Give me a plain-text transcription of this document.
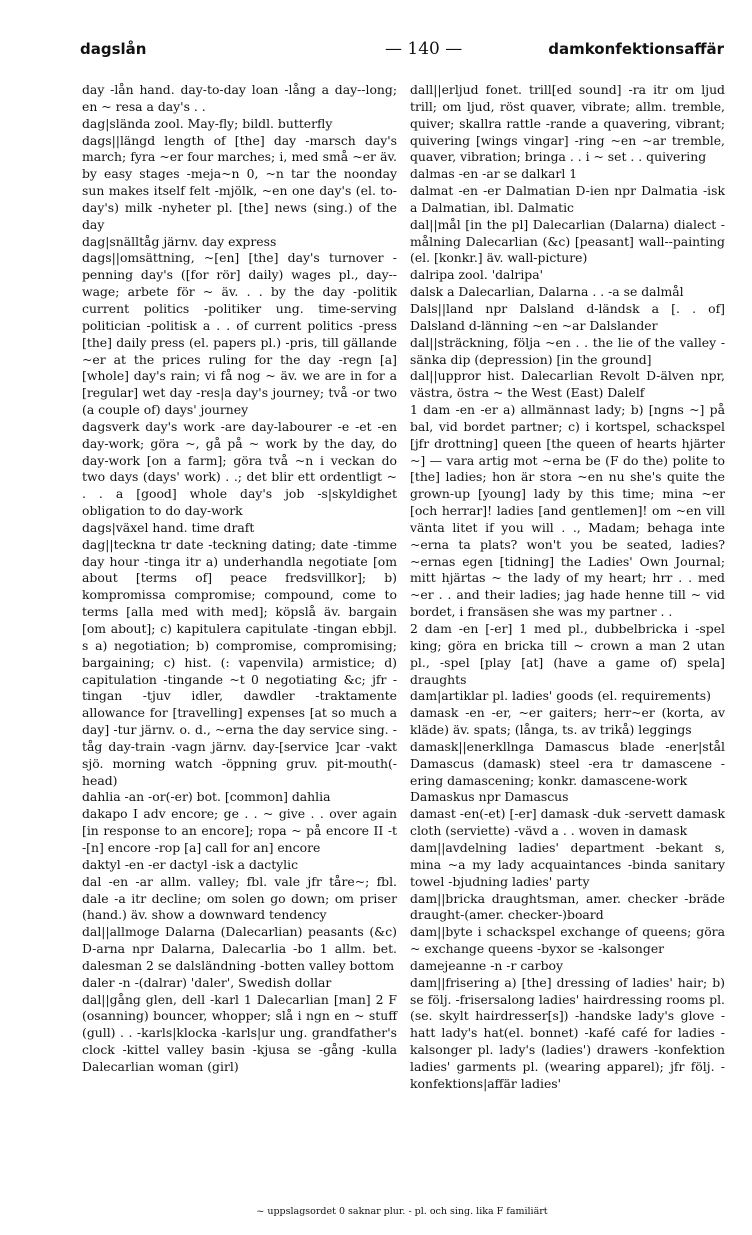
dagslån	— 140 —	damkonfektionsaffär

day -lån hand. day-to-day loan -lång a day--long; en ~ resa a day's . .

dag|slända zool. May-fly; bildl. butterfly

dags||längd length of [the] day -marsch day's march; fyra ~er four marches; i, med små ~er äv. by easy stages -meja~n 0, ~n tar the noonday sun makes itself felt -mjölk, ~en one day's (el. to-day's) milk -nyheter pl. [the] news (sing.) of the day

dag|snälltåg järnv. day express

dags||omsättning, ~[en] [the] day's turnover -penning day's ([for rör] daily) wages pl., day--wage; arbete för ~ äv. . . by the day -politik current politics -politiker ung. time-serving politician -politisk a . . of current politics -press [the] daily press (el. papers pl.) -pris, till gällande ~er at the prices ruling for the day -regn [a] [whole] day's rain; vi få nog ~ äv. we are in for a [regular] wet day -res|a day's journey; två -or two (a couple of) days' journey

dagsverk day's work -are day-labourer -e -et -en day-work; göra ~, gå på ~ work by the day, do day-work [on a farm]; göra två ~n i veckan do two days (days' work) . .; det blir ett ordentligt ~ . . a [good] whole day's job -s|skyldighet obligation to do day-work

dags|växel hand. time draft

dag||teckna tr date -teckning dating; date -timme day hour -tinga itr a) underhandla negotiate [om about [terms of] peace fredsvillkor]; b) kompromissa compromise; compound, come to terms [alla med with med]; köpslå äv. bargain [om about]; c) kapitulera capitulate -tingan ebbjl. s a) negotiation; b) compromise, compromising; bargaining; c) hist. (: vapenvila) armistice; d) capitulation -tingande ~t 0 negotiating &c; jfr -tingan -tjuv idler, dawdler -traktamente allowance for [travelling] expenses [at so much a day] -tur järnv. o. d., ~erna the day service sing. -tåg day-train -vagn järnv. day-[service ]car -vakt sjö. morning watch -öppning gruv. pit-mouth(-head)

dahlia -an -or(-er) bot. [common] dahlia

dakapo I adv encore; ge . . ~ give . . over again [in response to an encore]; ropa ~ på encore II -t -[n] encore -rop [a] call for an] encore

daktyl -en -er dactyl -isk a dactylic

dal -en -ar allm. valley; fbl. vale jfr tåre~; fbl. dale -a itr decline; om solen go down; om priser (hand.) äv. show a downward tendency

dal||allmoge Dalarna (Dalecarlian) peasants (&c) D-arna npr Dalarna, Dalecarlia -bo 1 allm. bet. dalesman 2 se dalsländning -botten valley bottom

daler -n -(dalrar) 'daler', Swedish dollar

dal||gång glen, dell -karl 1 Dalecarlian [man] 2 F (osanning) bouncer, whopper; slå i ngn en ~ stuff (gull) . . -karls|klocka -karls|ur ung. grandfather's clock -kittel valley basin -kjusa se -gång -kulla Dalecarlian woman (girl)

dall||erljud fonet. trill[ed sound] -ra itr om ljud trill; om ljud, röst quaver, vibrate; allm. tremble, quiver; skallra rattle -rande a quavering, vibrant; quivering [wings vingar] -ring ~en ~ar tremble, quaver, vibration; bringa . . i ~ set . . quivering

dalmas -en -ar se dalkarl 1

dalmat -en -er Dalmatian D-ien npr Dalmatia -isk a Dalmatian, ibl. Dalmatic

dal||mål [in the pl] Dalecarlian (Dalarna) dialect -målning Dalecarlian (&c) [peasant] wall--painting (el. [konkr.] äv. wall-picture)

dalripa zool. 'dalripa'

dalsk a Dalecarlian, Dalarna . . -a se dalmål

Dals||land npr Dalsland d-ländsk a [. . of] Dalsland d-länning ~en ~ar Dalslander

dal||sträckning, följa ~en . . the lie of the valley -sänka dip (depression) [in the ground]

dal||uppror hist. Dalecarlian Revolt D-älven npr, västra, östra ~ the West (East) Dalelf

1 dam -en -er a) allmännast lady; b) [ngns ~] på bal, vid bordet partner; c) i kortspel, schackspel [jfr drottning] queen [the queen of hearts hjärter ~] — vara artig mot ~erna be (F do the) polite to [the] ladies; hon är stora ~en nu she's quite the grown-up [young] lady by this time; mina ~er [och herrar]! ladies [and gentlemen]! om ~en vill vänta litet if you will . ., Madam; behaga inte ~erna ta plats? won't you be seated, ladies? ~ernas egen [tidning] the Ladies' Own Journal; mitt hjärtas ~ the lady of my heart; hrr . . med ~er . . and their ladies; jag hade henne till ~ vid bordet, i fransäsen she was my partner . .

2 dam -en [-er] 1 med pl., dubbelbricka i -spel king; göra en bricka till ~ crown a man 2 utan pl., -spel [play [at] (have a game of) spela] draughts

dam|artiklar pl. ladies' goods (el. requirements)

damask -en -er, ~er gaiters; herr~er (korta, av kläde) äv. spats; (långa, ts. av trikå) leggings

damask||enerkllnga Damascus blade -ener|stål Damascus (damask) steel -era tr damascene -ering damascening; konkr. damascene-work

Damaskus npr Damascus

damast -en(-et) [-er] damask -duk -servett damask cloth (serviette) -vävd a . . woven in damask

dam||avdelning ladies' department -bekant s, mina ~a my lady acquaintances -binda sanitary towel -bjudning ladies' party

dam||bricka draughtsman, amer. checker -bräde draught-(amer. checker-)board

dam||byte i schackspel exchange of queens; göra ~ exchange queens -byxor se -kalsonger

damejeanne -n -r carboy

dam||frisering a) [the] dressing of ladies' hair; b) se följ. -frisersalong ladies' hairdressing rooms pl. (se. skylt hairdresser[s]) -handske lady's glove -hatt lady's hat(el. bonnet) -kafé café for ladies -kalsonger pl. lady's (ladies') drawers -konfektion ladies' garments pl. (wearing apparel); jfr följ. -konfektions|affär ladies'

~ uppslagsordet 0 saknar plur. ‑ pl. och sing. lika F familiärt
